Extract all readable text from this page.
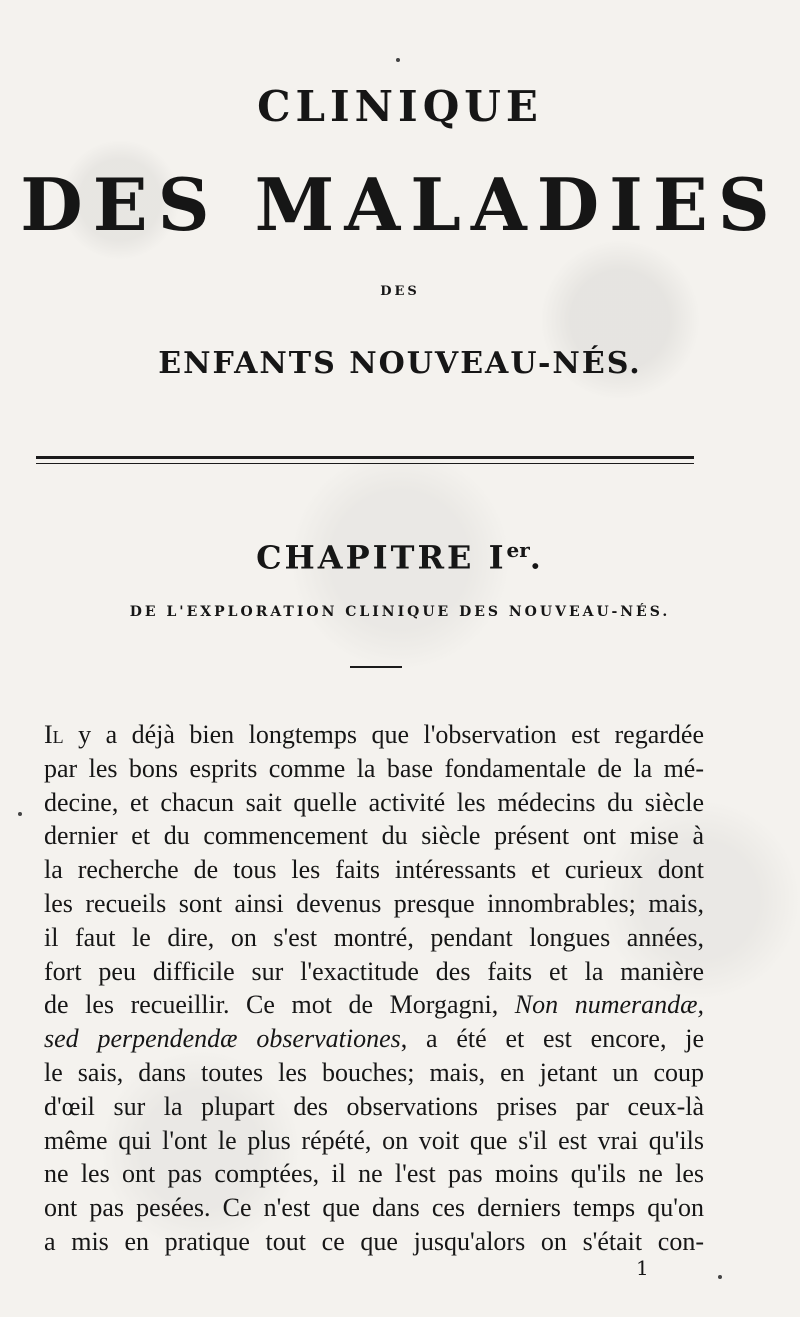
CLINIQUE
DES MALADIES
DES
ENFANTS NOUVEAU-NÉS.
CHAPITRE Ier.
DE L'EXPLORATION CLINIQUE DES NOUVEAU-NÉS.
Il y a déjà bien longtemps que l'observation est regardée
par les bons esprits comme la base fondamentale de la mé-
decine, et chacun sait quelle activité les médecins du siècle
dernier et du commencement du siècle présent ont mise à
la recherche de tous les faits intéressants et curieux dont
les recueils sont ainsi devenus presque innombrables; mais,
il faut le dire, on s'est montré, pendant longues années,
fort peu difficile sur l'exactitude des faits et la manière
de les recueillir. Ce mot de Morgagni, Non numerandæ,
sed perpendendæ observationes, a été et est encore, je
le sais, dans toutes les bouches; mais, en jetant un coup
d'œil sur la plupart des observations prises par ceux-là
même qui l'ont le plus répété, on voit que s'il est vrai qu'ils
ne les ont pas comptées, il ne l'est pas moins qu'ils ne les
ont pas pesées. Ce n'est que dans ces derniers temps qu'on
a mis en pratique tout ce que jusqu'alors on s'était con-
1
